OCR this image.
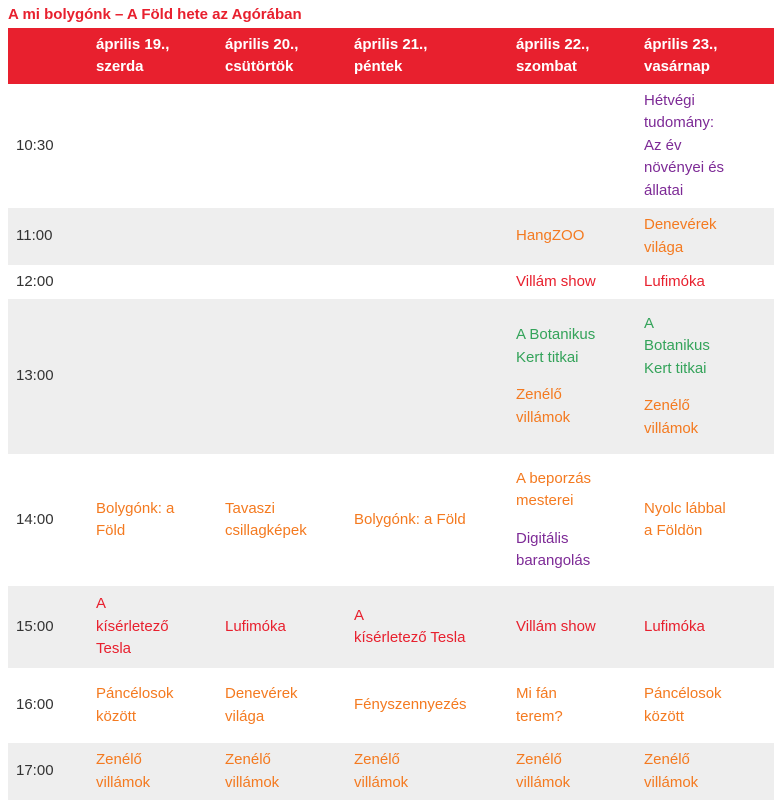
A mi bolygónk – A Föld hete az Agórában
	április 19.,
szerda	április 20.,
csütörtök	április 21.,
péntek	április 22.,
szombat	április 23.,
vasárnap
10:30					Hétvégi
tudomány:
Az év
növényei és
állatai

11:00				HangZOO	Denevérek
világa

12:00				Villám show	Lufimóka

13:00				A Botanikus
Kert titkai
Zenélő
villámok	A
Botanikus
Kert titkai
Zenélő
villámok

14:00	Bolygónk: a
Föld	Tavaszi
csillagképek	Bolygónk: a Föld	A beporzás
mesterei
Digitális
barangolás	Nyolc lábbal
a Földön

15:00	A
kísérletező
Tesla	Lufimóka	A
kísérletező Tesla	Villám show	Lufimóka

16:00	Páncélosok
között	Denevérek
világa	Fényszennyezés	Mi fán
terem?	Páncélosok
között

17:00	Zenélő
villámok	Zenélő
villámok	Zenélő
villámok	Zenélő
villámok	Zenélő
villámok
